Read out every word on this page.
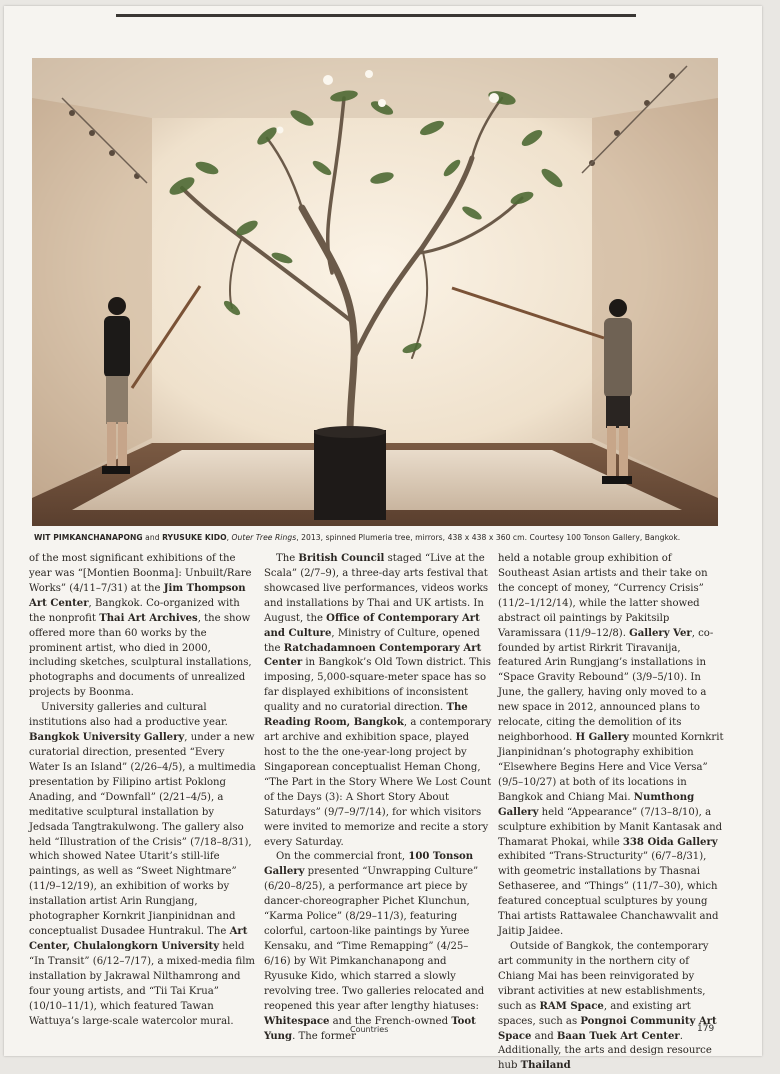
WIT PIMKANCHANAPONG and RYUSUKE KIDO, Outer Tree Rings, 2013, spinned Plumeria tree, mirrors, 438 x 438 x 360 cm. Courtesy 100 Tonson Gallery, Bangkok.

of the most significant exhibitions of the year was “[Montien Boonma]: Unbuilt/Rare Works” (4/11–7/31) at the Jim Thompson Art Center, Bangkok. Co-organized with the nonprofit Thai Art Archives, the show offered more than 60 works by the prominent artist, who died in 2000, including sketches, sculptural installations, photographs and documents of unrealized projects by Boonma.

University galleries and cultural institutions also had a productive year. Bangkok University Gallery, under a new curatorial direction, presented “Every Water Is an Island” (2/26–4/5), a multimedia presentation by Filipino artist Poklong Anading, and “Downfall” (2/21–4/5), a meditative sculptural installation by Jedsada Tangtrakulwong. The gallery also held “Illustration of the Crisis” (7/18–8/31), which showed Natee Utarit’s still-life paintings, as well as “Sweet Nightmare” (11/9–12/19), an exhibition of works by installation artist Arin Rungjang, photographer Kornkrit Jianpinidnan and conceptualist Dusadee Huntrakul. The Art Center, Chulalongkorn University held “In Transit” (6/12–7/17), a mixed-media film installation by Jakrawal Nilthamrong and four young artists, and “Tii Tai Krua” (10/10–11/1), which featured Tawan Wattuya’s large-scale watercolor mural.

The British Council staged “Live at the Scala” (2/7–9), a three-day arts festival that showcased live performances, videos works and installations by Thai and UK artists. In August, the Office of Contemporary Art and Culture, Ministry of Culture, opened the Ratchadamnoen Contemporary Art Center in Bangkok’s Old Town district. This imposing, 5,000-square-meter space has so far displayed exhibitions of inconsistent quality and no curatorial direction. The Reading Room, Bangkok, a contemporary art archive and exhibition space, played host to the the one-year-long project by Singaporean conceptualist Heman Chong, “The Part in the Story Where We Lost Count of the Days (3): A Short Story About Saturdays” (9/7–9/7/14), for which visitors were invited to memorize and recite a story every Saturday.

On the commercial front, 100 Tonson Gallery presented “Unwrapping Culture” (6/20–8/25), a performance art piece by dancer-choreographer Pichet Klunchun, “Karma Police” (8/29–11/3), featuring colorful, cartoon-like paintings by Yuree Kensaku, and “Time Remapping” (4/25–6/16) by Wit Pimkanchanapong and Ryusuke Kido, which starred a slowly revolving tree. Two galleries relocated and reopened this year after lengthy hiatuses: Whitespace and the French-owned Toot Yung. The former

held a notable group exhibition of Southeast Asian artists and their take on the concept of money, “Currency Crisis” (11/2–1/12/14), while the latter showed abstract oil paintings by Pakitsilp Varamissara (11/9–12/8). Gallery Ver, co-founded by artist Rirkrit Tiravanija, featured Arin Rungjang’s installations in “Space Gravity Rebound” (3/9–5/10). In June, the gallery, having only moved to a new space in 2012, announced plans to relocate, citing the demolition of its neighborhood. H Gallery mounted Kornkrit Jianpinidnan’s photography exhibition “Elsewhere Begins Here and Vice Versa” (9/5–10/27) at both of its locations in Bangkok and Chiang Mai. Numthong Gallery held “Appearance” (7/13–8/10), a sculpture exhibition by Manit Kantasak and Thamarat Phokai, while 338 Oida Gallery exhibited “Trans-Structurity” (6/7–8/31), with geometric installations by Thasnai Sethaseree, and “Things” (11/7–30), which featured conceptual sculptures by young Thai artists Rattawalee Chanchawvalit and Jaitip Jaidee.

Outside of Bangkok, the contemporary art community in the northern city of Chiang Mai has been reinvigorated by vibrant activities at new establishments, such as RAM Space, and existing art spaces, such as Pongnoi Community Art Space and Baan Tuek Art Center. Additionally, the arts and design resource hub Thailand

Countries	179
